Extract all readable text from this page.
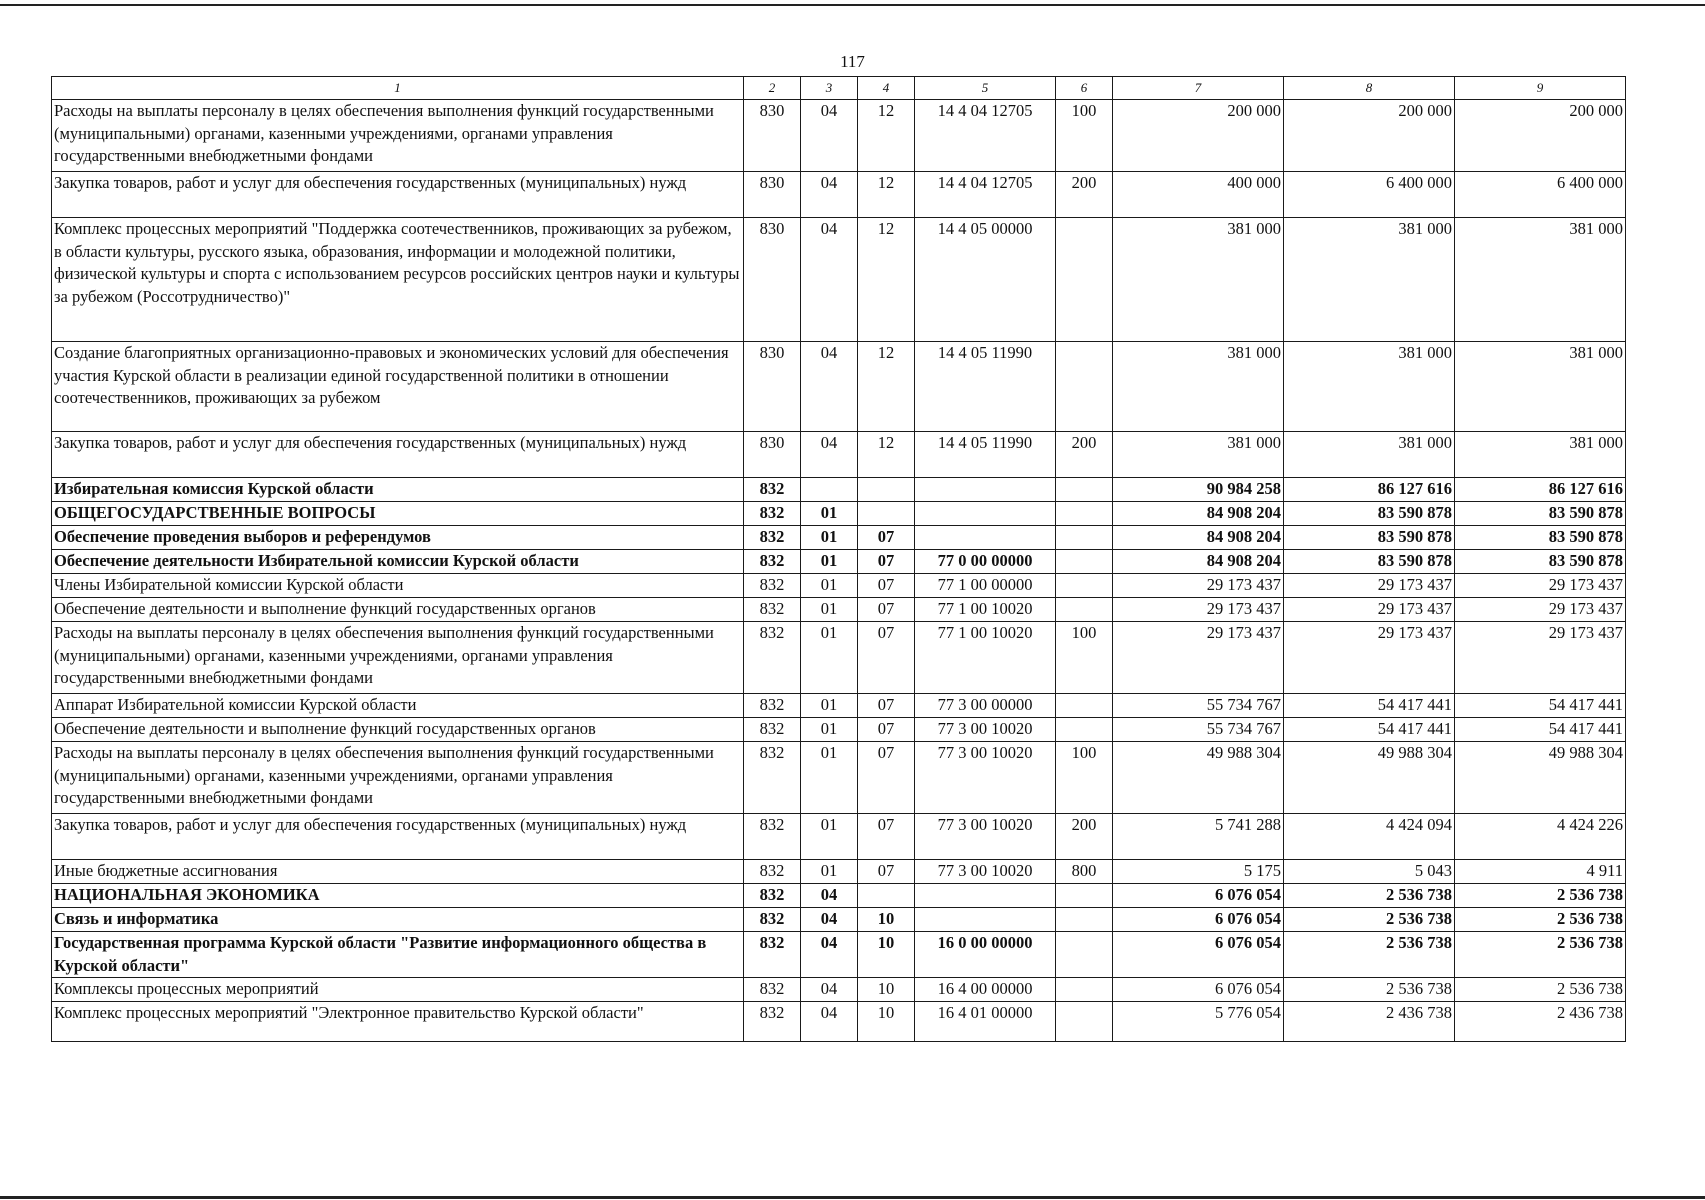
117
1	2	3	4	5	6	7	8	9
Расходы на выплаты персоналу в целях обеспечения выполнения функций государственными (муниципальными) органами, казенными учреждениями, органами управления государственными внебюджетными фондами	830	04	12	14 4 04 12705	100	200 000	200 000	200 000
Закупка товаров, работ и услуг для обеспечения государственных (муниципальных) нужд	830	04	12	14 4 04 12705	200	400 000	6 400 000	6 400 000
Комплекс процессных мероприятий "Поддержка соотечественников, проживающих за рубежом, в области культуры, русского языка, образования, информации и молодежной политики, физической культуры и спорта с использованием ресурсов российских центров науки и культуры за рубежом (Россотрудничество)"	830	04	12	14 4 05 00000		381 000	381 000	381 000
Создание благоприятных организационно-правовых и экономических условий для обеспечения участия Курской области в реализации единой государственной политики в отношении соотечественников, проживающих за рубежом	830	04	12	14 4 05 11990		381 000	381 000	381 000
Закупка товаров, работ и услуг для обеспечения государственных (муниципальных) нужд	830	04	12	14 4 05 11990	200	381 000	381 000	381 000
Избирательная комиссия Курской области	832					90 984 258	86 127 616	86 127 616
ОБЩЕГОСУДАРСТВЕННЫЕ ВОПРОСЫ	832	01				84 908 204	83 590 878	83 590 878
Обеспечение проведения выборов и референдумов	832	01	07			84 908 204	83 590 878	83 590 878
Обеспечение деятельности Избирательной комиссии Курской области	832	01	07	77 0 00 00000		84 908 204	83 590 878	83 590 878
Члены Избирательной комиссии Курской области	832	01	07	77 1 00 00000		29 173 437	29 173 437	29 173 437
Обеспечение деятельности и выполнение функций государственных органов	832	01	07	77 1 00 10020		29 173 437	29 173 437	29 173 437
Расходы на выплаты персоналу в целях обеспечения выполнения функций государственными (муниципальными) органами, казенными учреждениями, органами управления государственными внебюджетными фондами	832	01	07	77 1 00 10020	100	29 173 437	29 173 437	29 173 437
Аппарат Избирательной комиссии Курской области	832	01	07	77 3 00 00000		55 734 767	54 417 441	54 417 441
Обеспечение деятельности и выполнение функций государственных органов	832	01	07	77 3 00 10020		55 734 767	54 417 441	54 417 441
Расходы на выплаты персоналу в целях обеспечения выполнения функций государственными (муниципальными) органами, казенными учреждениями, органами управления государственными внебюджетными фондами	832	01	07	77 3 00 10020	100	49 988 304	49 988 304	49 988 304
Закупка товаров, работ и услуг для обеспечения государственных (муниципальных) нужд	832	01	07	77 3 00 10020	200	5 741 288	4 424 094	4 424 226
Иные бюджетные ассигнования	832	01	07	77 3 00 10020	800	5 175	5 043	4 911
НАЦИОНАЛЬНАЯ ЭКОНОМИКА	832	04				6 076 054	2 536 738	2 536 738
Связь и информатика	832	04	10			6 076 054	2 536 738	2 536 738
Государственная программа Курской области "Развитие информационного общества в Курской области"	832	04	10	16 0 00 00000		6 076 054	2 536 738	2 536 738
Комплексы процессных мероприятий	832	04	10	16 4 00 00000		6 076 054	2 536 738	2 536 738
Комплекс процессных мероприятий "Электронное правительство Курской области"	832	04	10	16 4 01 00000		5 776 054	2 436 738	2 436 738
